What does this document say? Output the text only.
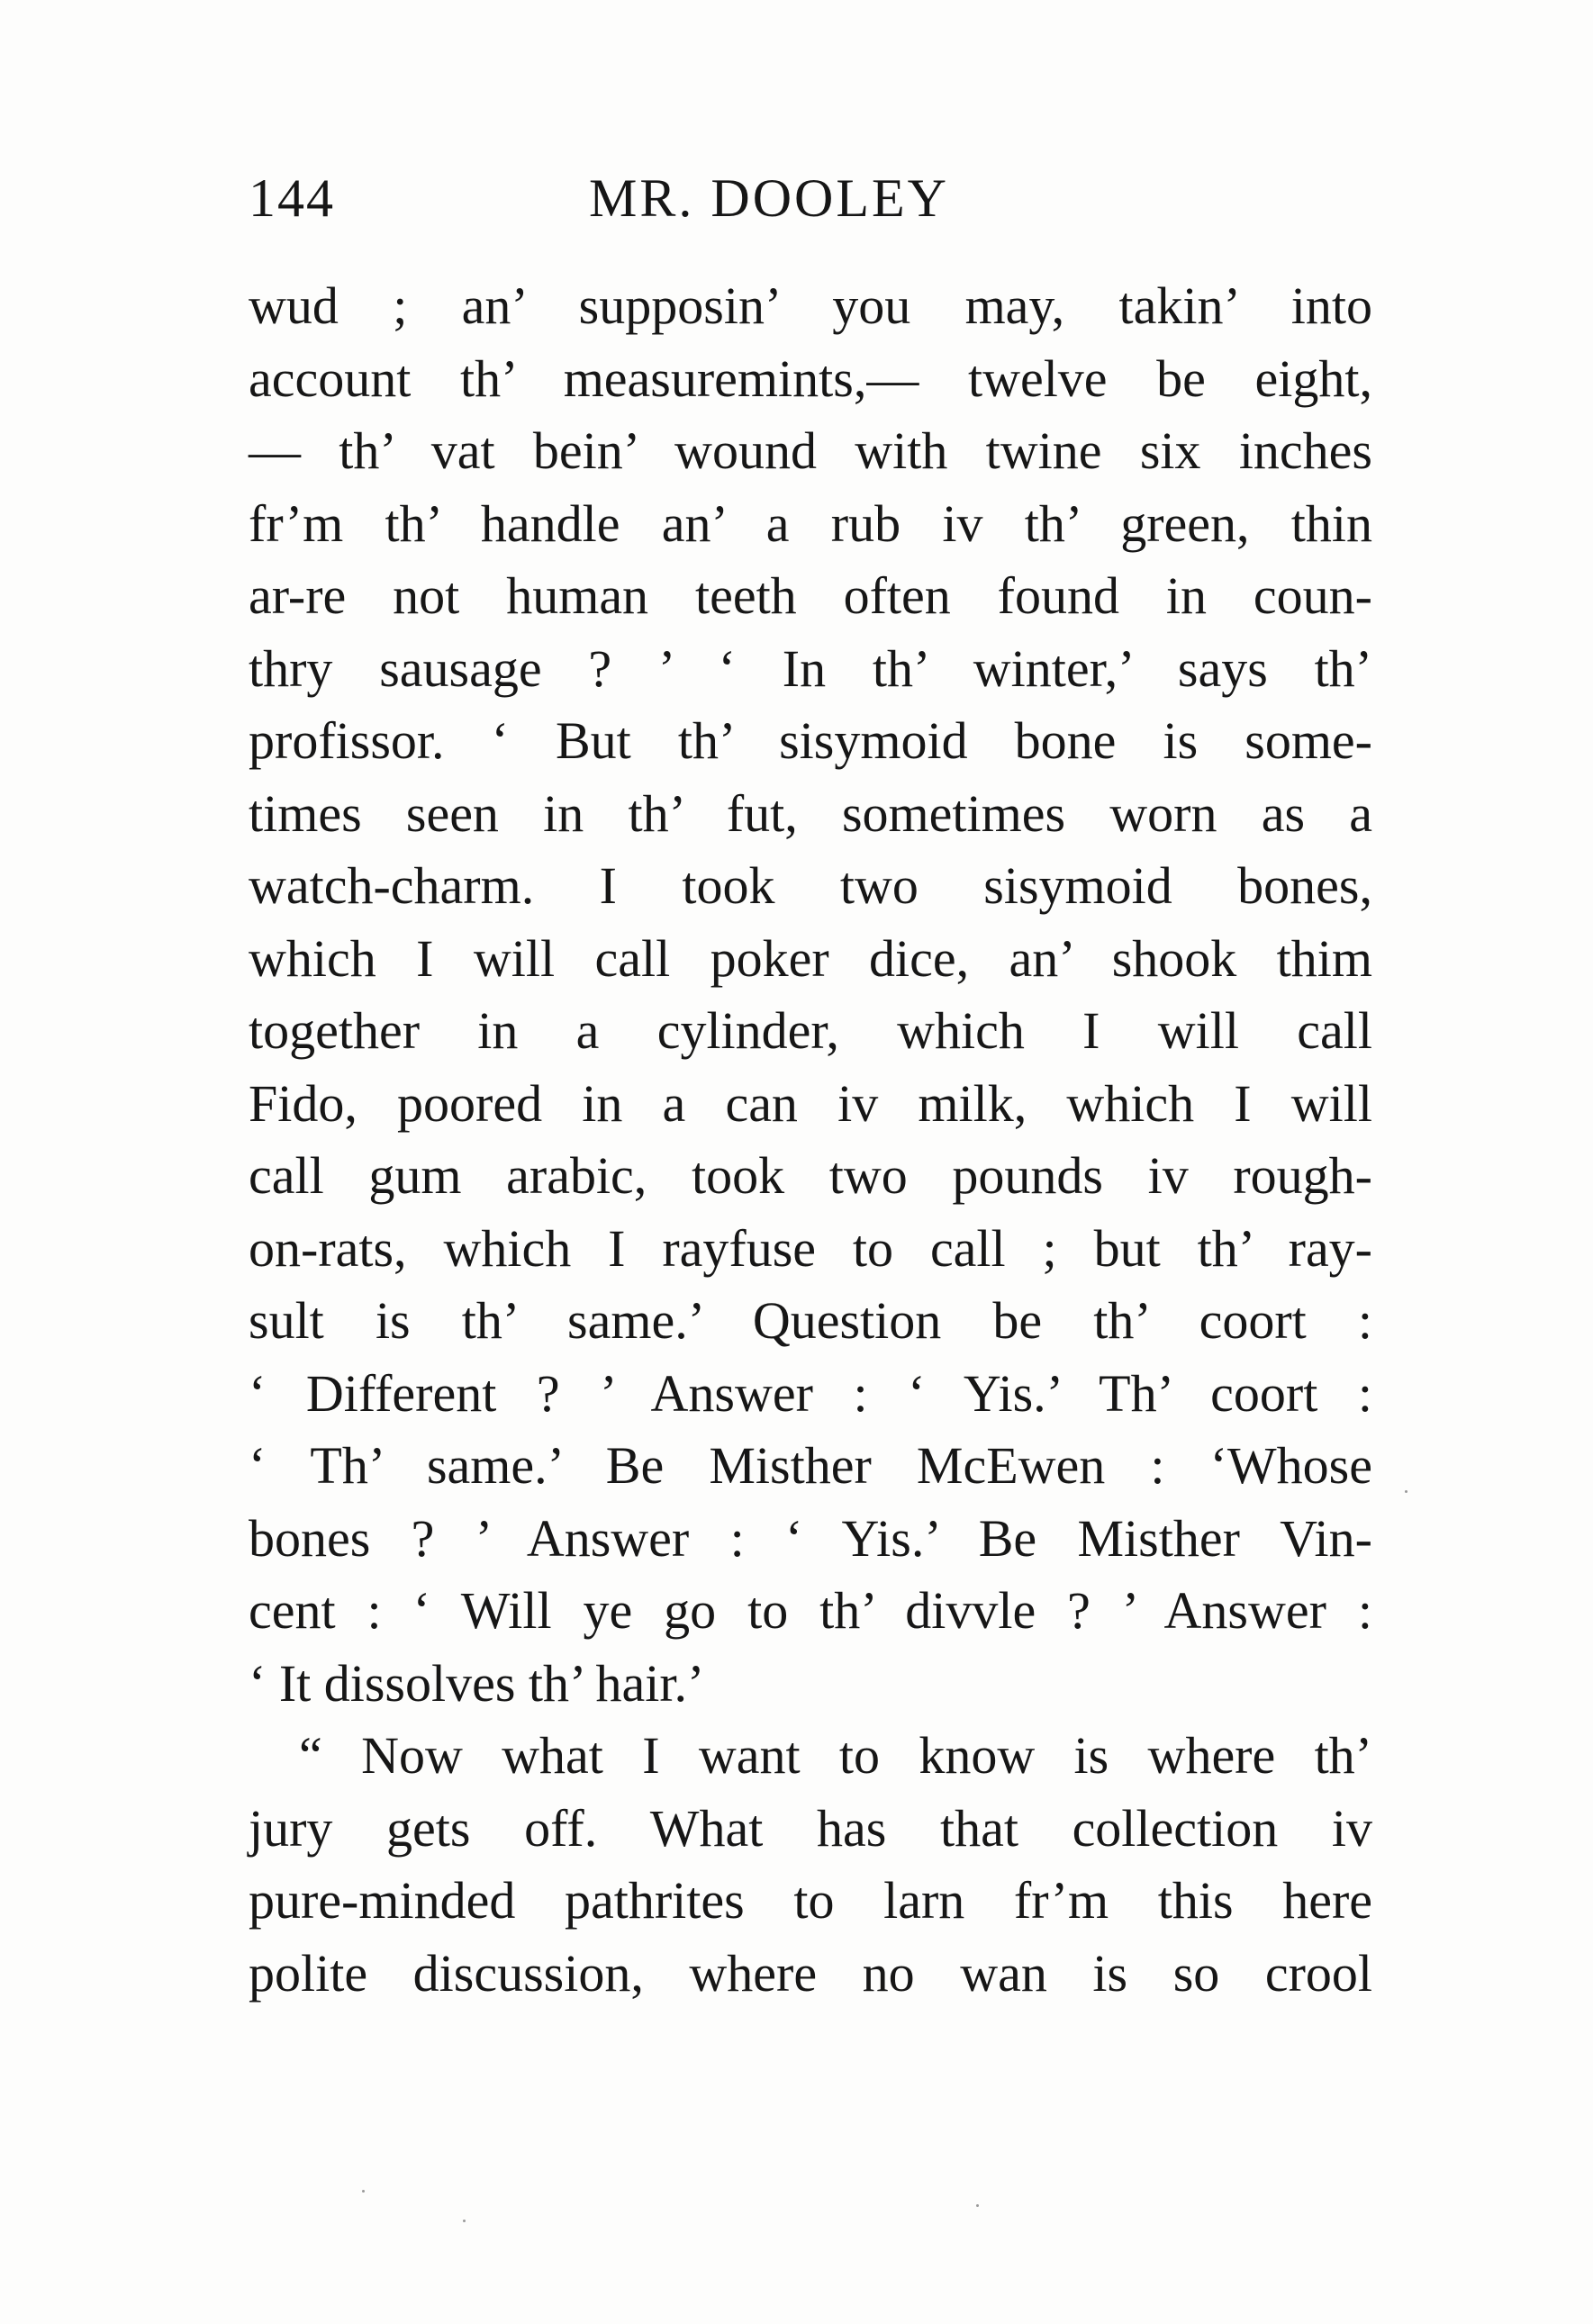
144	MR. DOOLEY
wud ; an’ supposin’ you may, takin’ into
account th’ measuremints,— twelve be eight,
— th’ vat bein’ wound with twine six inches
fr’m th’ handle an’ a rub iv th’ green, thin
ar-re not human teeth often found in coun-
thry sausage ? ’ ‘ In th’ winter,’ says th’
profissor. ‘ But th’ sisymoid bone is some-
times seen in th’ fut, sometimes worn as a
watch-charm. I took two sisymoid bones,
which I will call poker dice, an’ shook thim
together in a cylinder, which I will call
Fido, poored in a can iv milk, which I will
call gum arabic, took two pounds iv rough-
on-rats, which I rayfuse to call ; but th’ ray-
sult is th’ same.’ Question be th’ coort :
‘ Different ? ’ Answer : ‘ Yis.’ Th’ coort :
‘ Th’ same.’ Be Misther McEwen : ‘Whose
bones ? ’ Answer : ‘ Yis.’ Be Misther Vin-
cent : ‘ Will ye go to th’ divvle ? ’ Answer :
‘ It dissolves th’ hair.’
“ Now what I want to know is where th’
jury gets off. What has that collection iv
pure-minded pathrites to larn fr’m this here
polite discussion, where no wan is so crool
